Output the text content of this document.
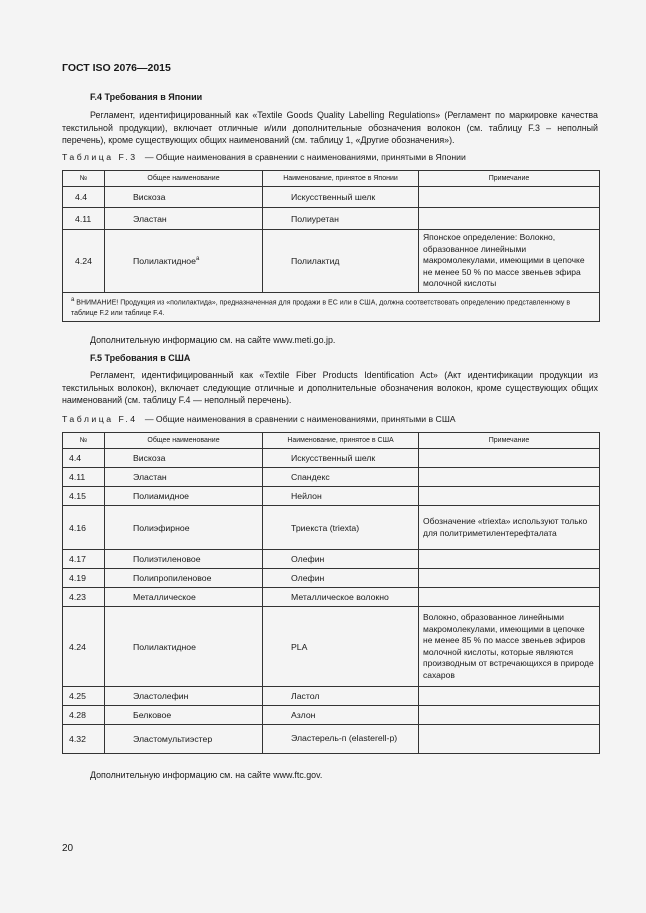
ГОСТ ISO 2076—2015
F.4 Требования в Японии
Регламент, идентифицированный как «Textile Goods Quality Labelling Regulations» (Регламент по маркировке качества текстильной продукции), включает отличные и/или дополнительные обозначения волокон (см. таблицу F.3 – неполный перечень), кроме существующих общих наименований (см. таблицу 1, «Другие обозначения»).
Таблица F.3 — Общие наименования в сравнении с наименованиями, принятыми в Японии
№	Общее наименование	Наименование, принятое в Японии	Примечание
4.4	Вискоза	Искусственный шелк	
4.11	Эластан	Полиуретан	
4.24	Полилактидное$^a$	Полилактид	Японское определение: Волокно, образованное линейными макромолекулами, имеющими в цепочке не менее 50 % по массе звеньев эфира молочной кислоты
$^a$ ВНИМАНИЕ! Продукция из «полилактида», предназначенная для продажи в ЕС или в США, должна соответствовать определению представленному в таблице F.2 или таблице F.4.			
Дополнительную информацию см. на сайте www.meti.go.jp.
F.5 Требования в США
Регламент, идентифицированный как «Textile Fiber Products Identification Act» (Акт идентификации продукции из текстильных волокон), включает следующие отличные и дополнительные обозначения волокон, кроме существующих общих наименований (см. таблицу F.4 — неполный перечень).
Таблица F.4 — Общие наименования в сравнении с наименованиями, принятыми в США
№	Общее наименование	Наименование, принятое в США	Примечание
4.4	Вискоза	Искусственный шелк	
4.11	Эластан	Спандекс	
4.15	Полиамидное	Нейлон	
4.16	Полиэфирное	Триекста (triexta)	Обозначение «triexta» используют только для политриметилентерефталата
4.17	Полиэтиленовое	Олефин	
4.19	Полипропиленовое	Олефин	
4.23	Металлическое	Металлическое волокно	
4.24	Полилактидное	PLA	Волокно, образованное линейными макромолекулами, имеющими в цепочке не менее 85 % по массе звеньев эфиров молочной кислоты, которые являются производным от встречающихся в природе сахаров
4.25	Эластолефин	Ластол	
4.28	Белковое	Азлон	
4.32	Эластомультиэстер	Эластерель-п (elasterell-p)	
Дополнительную информацию см. на сайте www.ftc.gov.
20
